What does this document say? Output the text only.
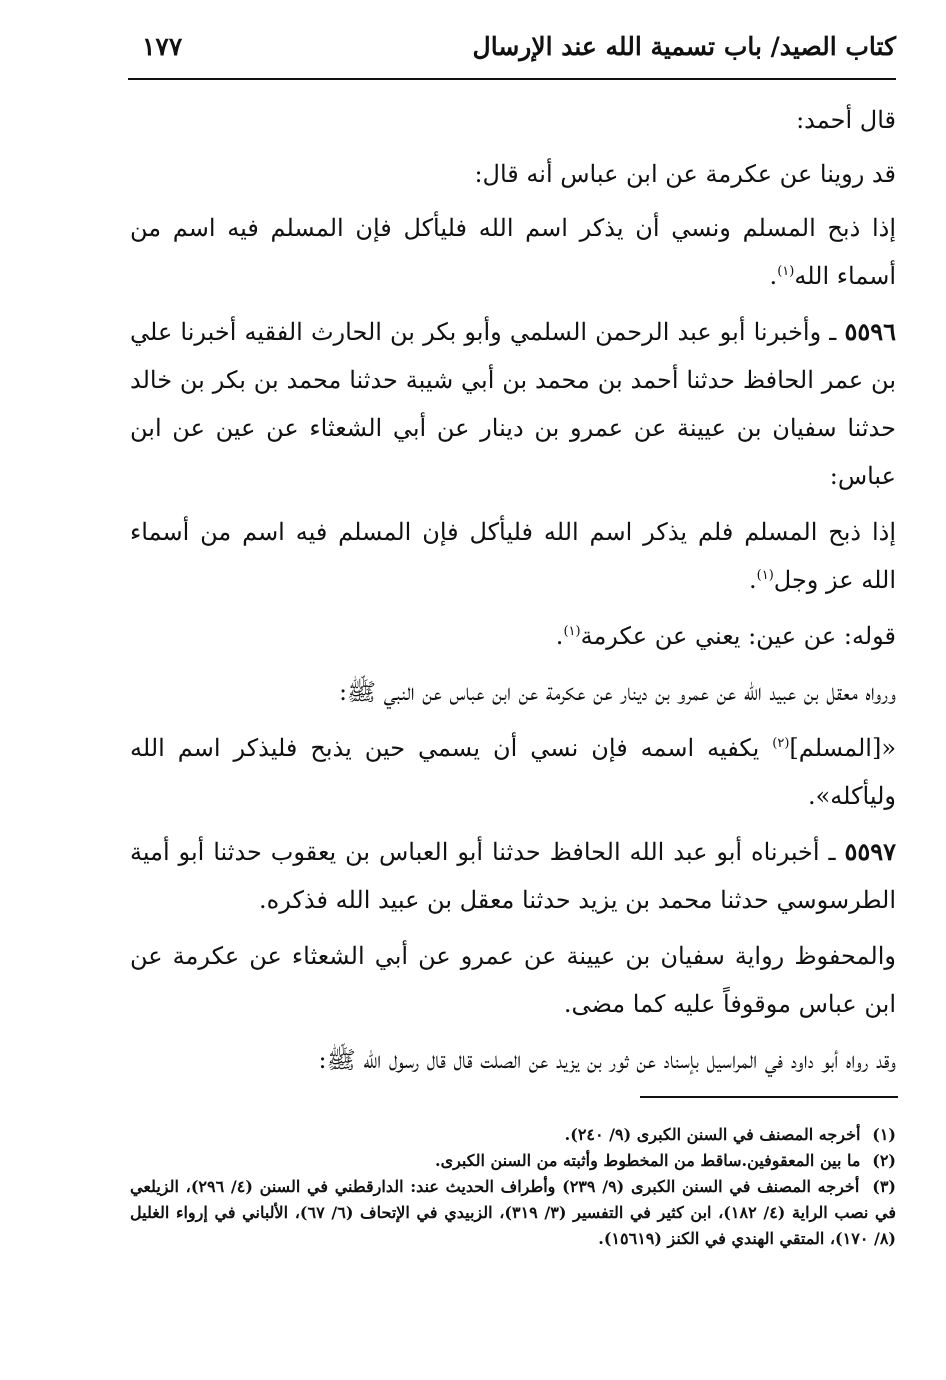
كتاب الصيد/ باب تسمية الله عند الإرسال
١٧٧

قال أحمد:

قد روينا عن عكرمة عن ابن عباس أنه قال:

إذا ذبح المسلم ونسي أن يذكر اسم الله فليأكل فإن المسلم فيه اسم من أسماء الله$^{(١)}$.

٥٥٩٦ ـ وأخبرنا أبو عبد الرحمن السلمي وأبو بكر بن الحارث الفقيه أخبرنا علي بن عمر الحافظ حدثنا أحمد بن محمد بن أبي شيبة حدثنا محمد بن بكر بن خالد حدثنا سفيان بن عيينة عن عمرو بن دينار عن أبي الشعثاء عن عين عن ابن عباس:

إذا ذبح المسلم فلم يذكر اسم الله فليأكل فإن المسلم فيه اسم من أسماء الله عز وجل$^{(١)}$.

قوله: عن عين: يعني عن عكرمة$^{(١)}$.

ورواه معقل بن عبيد الله عن عمرو بن دينار عن عكرمة عن ابن عباس عن النبي ﷺ:

«[المسلم]$^{(٢)}$ يكفيه اسمه فإن نسي أن يسمي حين يذبح فليذكر اسم الله وليأكله».

٥٥٩٧ ـ أخبرناه أبو عبد الله الحافظ حدثنا أبو العباس بن يعقوب حدثنا أبو أمية الطرسوسي حدثنا محمد بن يزيد حدثنا معقل بن عبيد الله فذكره.

والمحفوظ رواية سفيان بن عيينة عن عمرو عن أبي الشعثاء عن عكرمة عن ابن عباس موقوفاً عليه كما مضى.

وقد رواه أبو داود في المراسيل بإسناد عن ثور بن يزيد عن الصلت قال قال رسول الله ﷺ:

(١) أخرجه المصنف في السنن الكبرى (٩/ ٢٤٠).

(٢) ما بين المعقوفين.ساقط من المخطوط وأثبته من السنن الكبرى.

(٣) أخرجه المصنف في السنن الكبرى (٩/ ٢٣٩) وأطراف الحديث عند: الدارقطني في السنن (٤/ ٢٩٦)، الزيلعي في نصب الراية (٤/ ١٨٢)، ابن كثير في التفسير (٣/ ٣١٩)، الزبيدي في الإتحاف (٦/ ٦٧)، الألباني في إرواء الغليل (٨/ ١٧٠)، المتقي الهندي في الكنز (١٥٦١٩).
